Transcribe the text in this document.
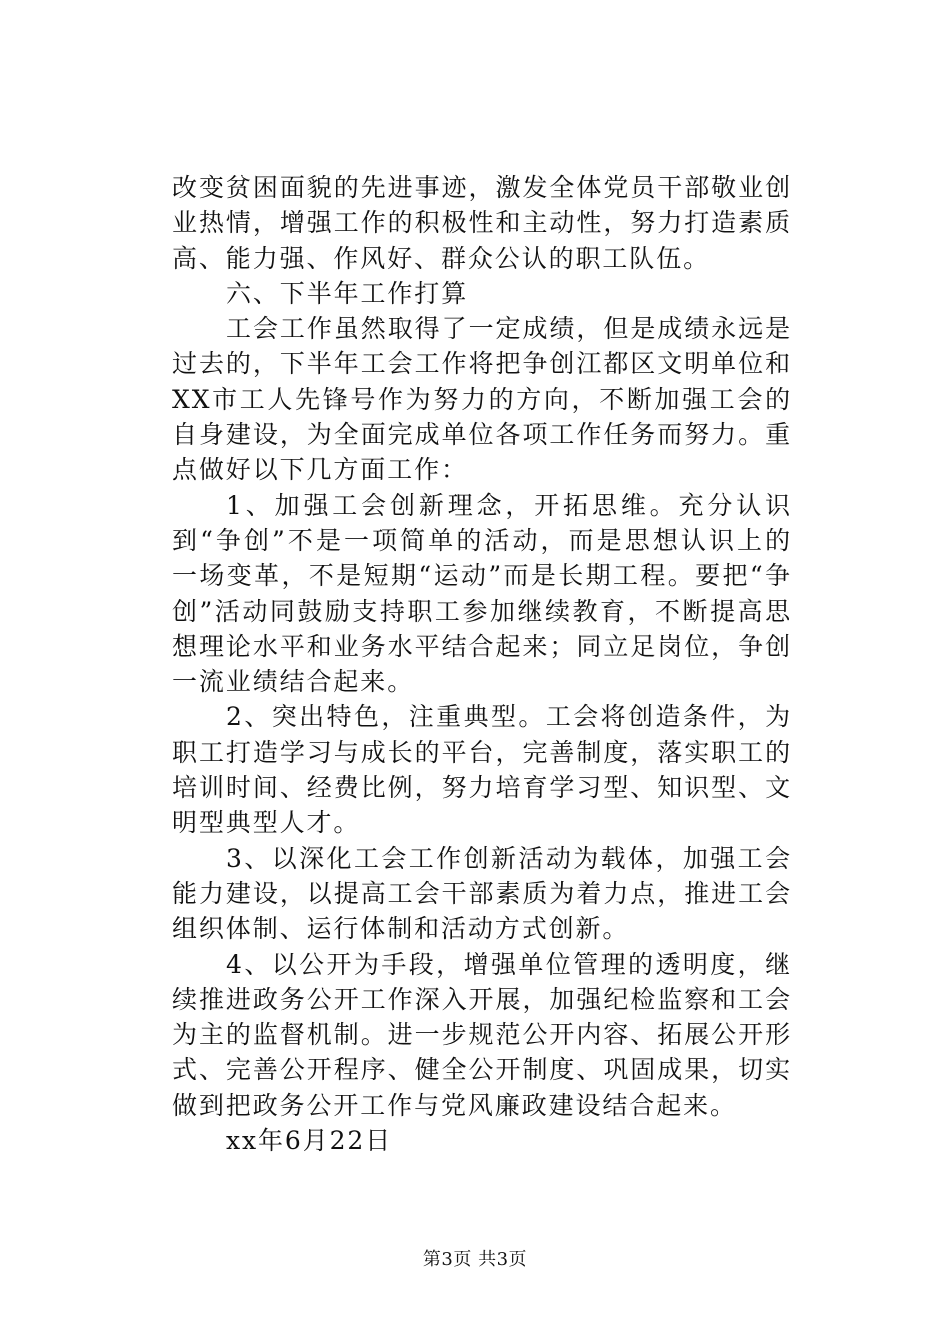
改变贫困面貌的先进事迹，激发全体党员干部敬业创业热情，增强工作的积极性和主动性，努力打造素质高、能力强、作风好、群众公认的职工队伍。

六、下半年工作打算

工会工作虽然取得了一定成绩，但是成绩永远是过去的，下半年工会工作将把争创江都区文明单位和XX市工人先锋号作为努力的方向，不断加强工会的自身建设，为全面完成单位各项工作任务而努力。重点做好以下几方面工作：

1、加强工会创新理念，开拓思维。充分认识到“争创”不是一项简单的活动，而是思想认识上的一场变革，不是短期“运动”而是长期工程。要把“争创”活动同鼓励支持职工参加继续教育，不断提高思想理论水平和业务水平结合起来；同立足岗位，争创一流业绩结合起来。

2、突出特色，注重典型。工会将创造条件，为职工打造学习与成长的平台，完善制度，落实职工的培训时间、经费比例，努力培育学习型、知识型、文明型典型人才。

3、以深化工会工作创新活动为载体，加强工会能力建设，以提高工会干部素质为着力点，推进工会组织体制、运行体制和活动方式创新。

4、以公开为手段，增强单位管理的透明度，继续推进政务公开工作深入开展，加强纪检监察和工会为主的监督机制。进一步规范公开内容、拓展公开形式、完善公开程序、健全公开制度、巩固成果，切实做到把政务公开工作与党风廉政建设结合起来。

xx年6月22日

第3页 共3页
